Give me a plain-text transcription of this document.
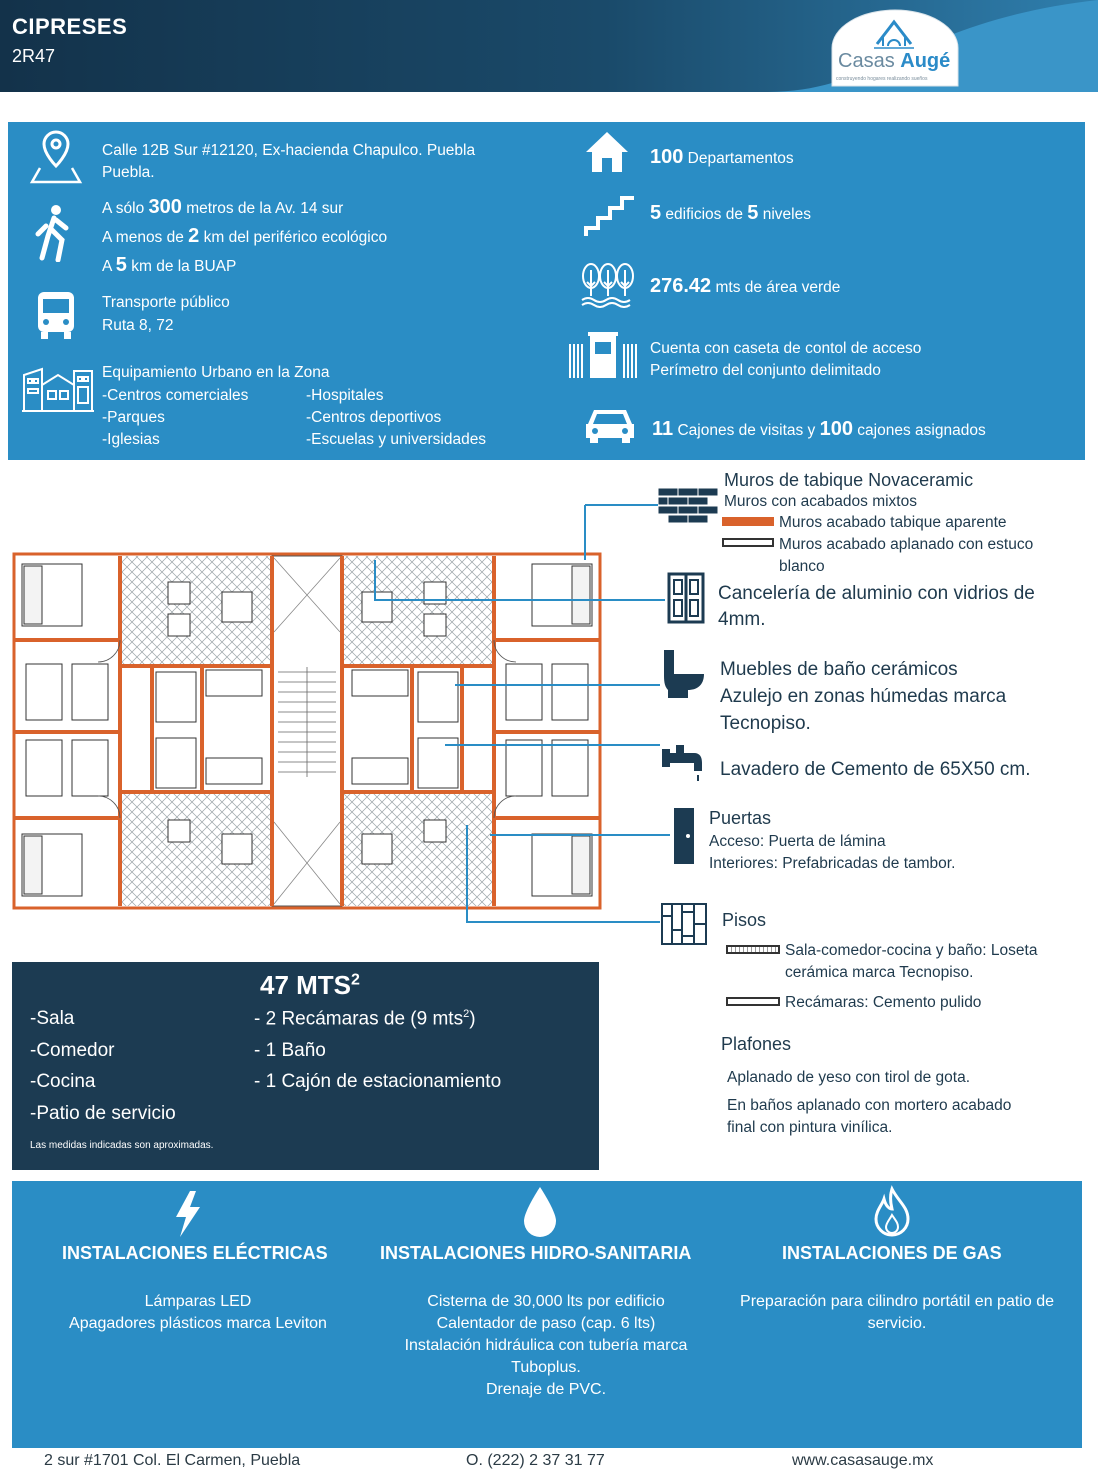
CIPRESES
2R47	Casas Augé
construyendo hogares realizando sueños
Calle 12B Sur #12120, Ex-hacienda Chapulco. Puebla
Puebla.
A sólo 300 metros de la Av. 14 sur
A menos de 2 km del periférico ecológico
A 5 km de la BUAP
Transporte público
Ruta 8, 72
Equipamiento Urbano en la Zona
-Centros comerciales
-Parques
-Iglesias
-Hospitales
-Centros deportivos
-Escuelas y universidades
100 Departamentos
5 edificios de 5 niveles
276.42 mts de área verde
Cuenta con caseta de contol de acceso
Perímetro del conjunto delimitado
11 Cajones de visitas y 100 cajones asignados
Muros de tabique Novaceramic
Muros con acabados mixtos
Muros acabado tabique aparente
Muros acabado aplanado con estuco
blanco
Cancelería de aluminio con vidrios de
4mm.
Muebles de baño cerámicos
Azulejo en zonas húmedas marca
Tecnopiso.
Lavadero de Cemento de 65X50 cm.
Puertas
Acceso: Puerta de lámina
Interiores: Prefabricadas de tambor.
Pisos
Sala-comedor-cocina y baño: Loseta
cerámica marca Tecnopiso.
Recámaras: Cemento pulido
Plafones
Aplanado de yeso con tirol de gota.
En baños aplanado con mortero acabado
final con pintura vinílica.
47 MTS$^2$
-Sala
-Comedor
-Cocina
-Patio de servicio
- 2 Recámaras de (9 mts$^2$)
- 1 Baño
- 1 Cajón de estacionamiento
Las medidas indicadas son aproximadas.
INSTALACIONES ELÉCTRICAS	INSTALACIONES HIDRO-SANITARIA	INSTALACIONES DE GAS
Lámparas LED
Apagadores plásticos marca Leviton
Cisterna de 30,000 lts por edificio
Calentador de paso (cap. 6 lts)
Instalación hidráulica con tubería marca
Tuboplus.
Drenaje de PVC.
Preparación para cilindro portátil en patio de
servicio.
2 sur #1701 Col. El Carmen, Puebla	O. (222) 2 37 31 77	www.casasauge.mx
